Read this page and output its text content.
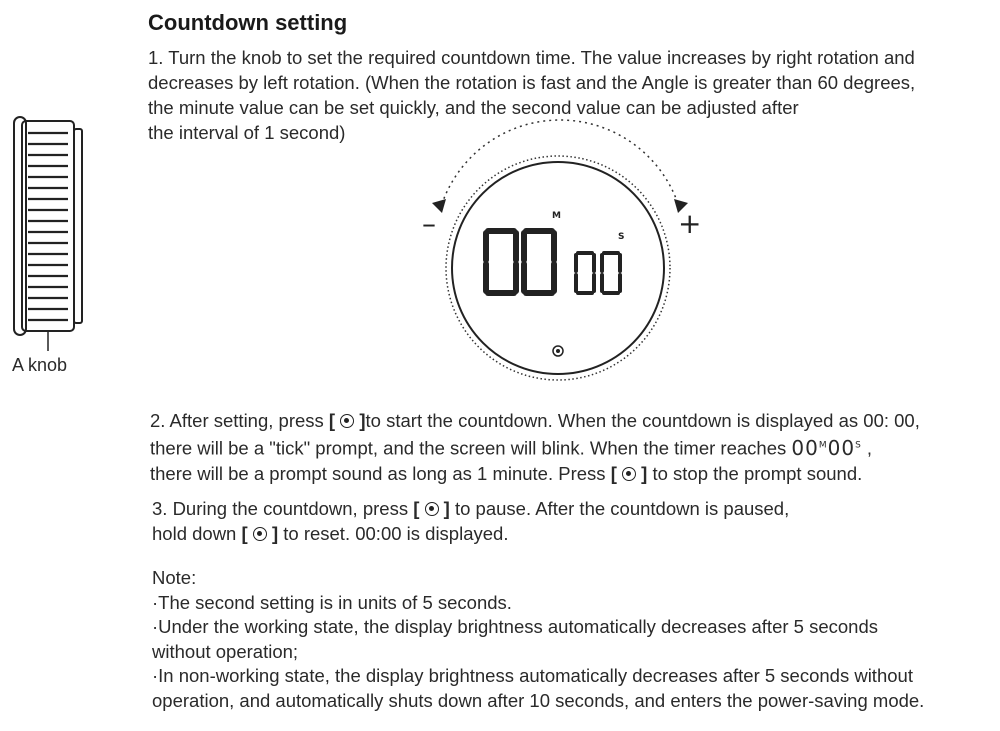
Countdown setting
1. Turn the knob to set the required countdown time. The value increases by right rotation and
decreases by left rotation. (When the rotation is fast and the Angle is greater than 60 degrees,
the minute value can be set quickly, and the second value can be adjusted after
the interval of 1 second)
A knob
–	+
M
S
2. After setting, press [ ]to start the countdown. When the countdown is displayed as 00: 00,
there will be a "tick" prompt, and the screen will blink. When the timer reaches $00^M00^S$ ,
there will be a prompt sound as long as 1 minute. Press [ ] to stop the prompt sound.
3. During the countdown, press [ ] to pause. After the countdown is paused,
hold down [ ] to reset. 00:00 is displayed.
Note:
·The second setting is in units of 5 seconds.
·Under the working state, the display brightness automatically decreases after 5 seconds
without operation;
·In non-working state, the display brightness automatically decreases after 5 seconds without
operation, and automatically shuts down after 10 seconds, and enters the power-saving mode.
